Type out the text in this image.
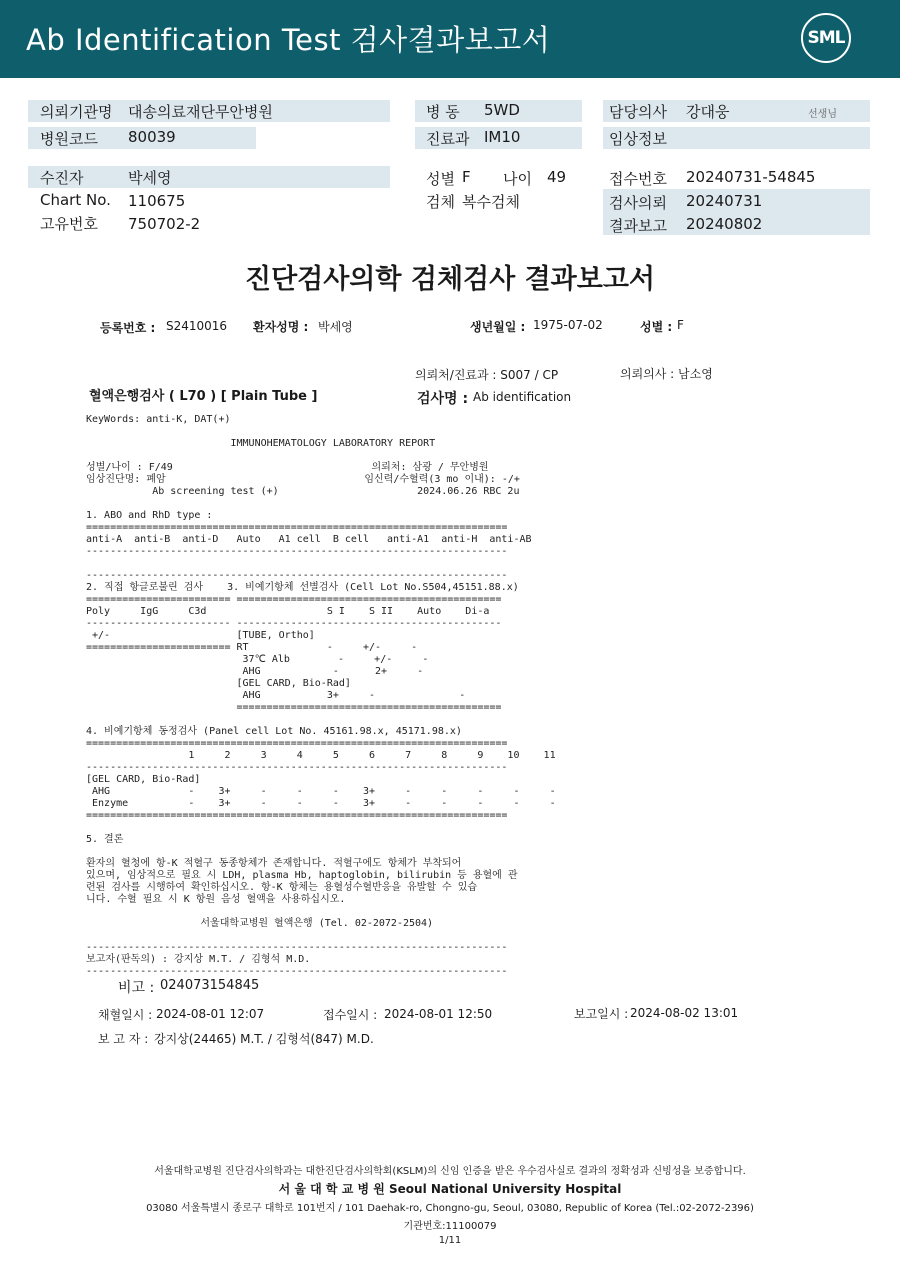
Ab Identification Test 검사결과보고서	SML
의뢰기관명 대송의료재단무안병원
병원코드 80039
병 동 5WD
진료과 IM10
담당의사 강대웅	선생님
임상정보
수진자	박세영
Chart No. 110675
고유번호 750702-2
성별 F 나이 49
검체 복수검체
접수번호 20240731-54845
검사의뢰 20240731
결과보고 20240802
진단검사의학 검체검사 결과보고서
등록번호 : S2410016 환자성명 : 박세영	생년월일 : 1975-07-02	성별 : F
의뢰처/진료과 : S007 / CP	의뢰의사 : 남소영
혈액은행검사 ( L70 ) [ Plain Tube ]	검사명 : Ab identification
KeyWords: anti-K, DAT(+)

IMMUNOHEMATOLOGY LABORATORY REPORT

성별/나이 : F/49                                 의뢰처: 삼광 / 무안병원
임상진단명: 폐암                                 임신력/수혈력(3 mo 이내): -/+
Ab screening test (+)                       2024.06.26 RBC 2u

1. ABO and RhD type :
======================================================================
anti-A  anti-B  anti-D   Auto   A1 cell  B cell   anti-A1  anti-H  anti-AB
----------------------------------------------------------------------

----------------------------------------------------------------------
2. 직접 항글로불린 검사    3. 비예기항체 선별검사 (Cell Lot No.S504,45151.88.x)
======================== ============================================
Poly     IgG     C3d                    S I    S II    Auto    Di-a
------------------------ --------------------------------------------
+/-                     [TUBE, Ortho]
======================== RT             -     +/-     -
37℃ Alb        -     +/-     -
AHG            -      2+     -
[GEL CARD, Bio-Rad]
AHG           3+     -              -
============================================

4. 비예기항체 동정검사 (Panel cell Lot No. 45161.98.x, 45171.98.x)
======================================================================
1     2     3     4     5     6     7     8     9    10    11
----------------------------------------------------------------------
[GEL CARD, Bio-Rad]
AHG             -    3+     -     -     -    3+     -     -     -     -     -
Enzyme          -    3+     -     -     -    3+     -     -     -     -     -
======================================================================

5. 결론

환자의 혈청에 항-K 적혈구 동종항체가 존재합니다. 적혈구에도 항체가 부착되어
있으며, 임상적으로 필요 시 LDH, plasma Hb, haptoglobin, bilirubin 등 용혈에 관
련된 검사를 시행하여 확인하십시오. 항-K 항체는 용혈성수혈반응을 유발할 수 있습
니다. 수혈 필요 시 K 항원 음성 혈액을 사용하십시오.

서울대학교병원 혈액은행 (Tel. 02-2072-2504)

----------------------------------------------------------------------
보고자(판독의) : 강지상 M.T. / 김형석 M.D.
----------------------------------------------------------------------
비고 : 024073154845
채혈일시 : 2024-08-01 12:07	접수일시 : 2024-08-01 12:50	보고일시 : 2024-08-02 13:01
보 고 자 : 강지상(24465) M.T. / 김형석(847) M.D.
서울대학교병원 진단검사의학과는 대한진단검사의학회(KSLM)의 신임 인증을 받은 우수검사실로 결과의 정확성과 신빙성을 보증합니다.
서 울 대 학 교 병 원 Seoul National University Hospital
03080 서울특별시 종로구 대학로 101번지 / 101 Daehak-ro, Chongno-gu, Seoul, 03080, Republic of Korea (Tel.:02-2072-2396)
기관번호:11100079
1/11
